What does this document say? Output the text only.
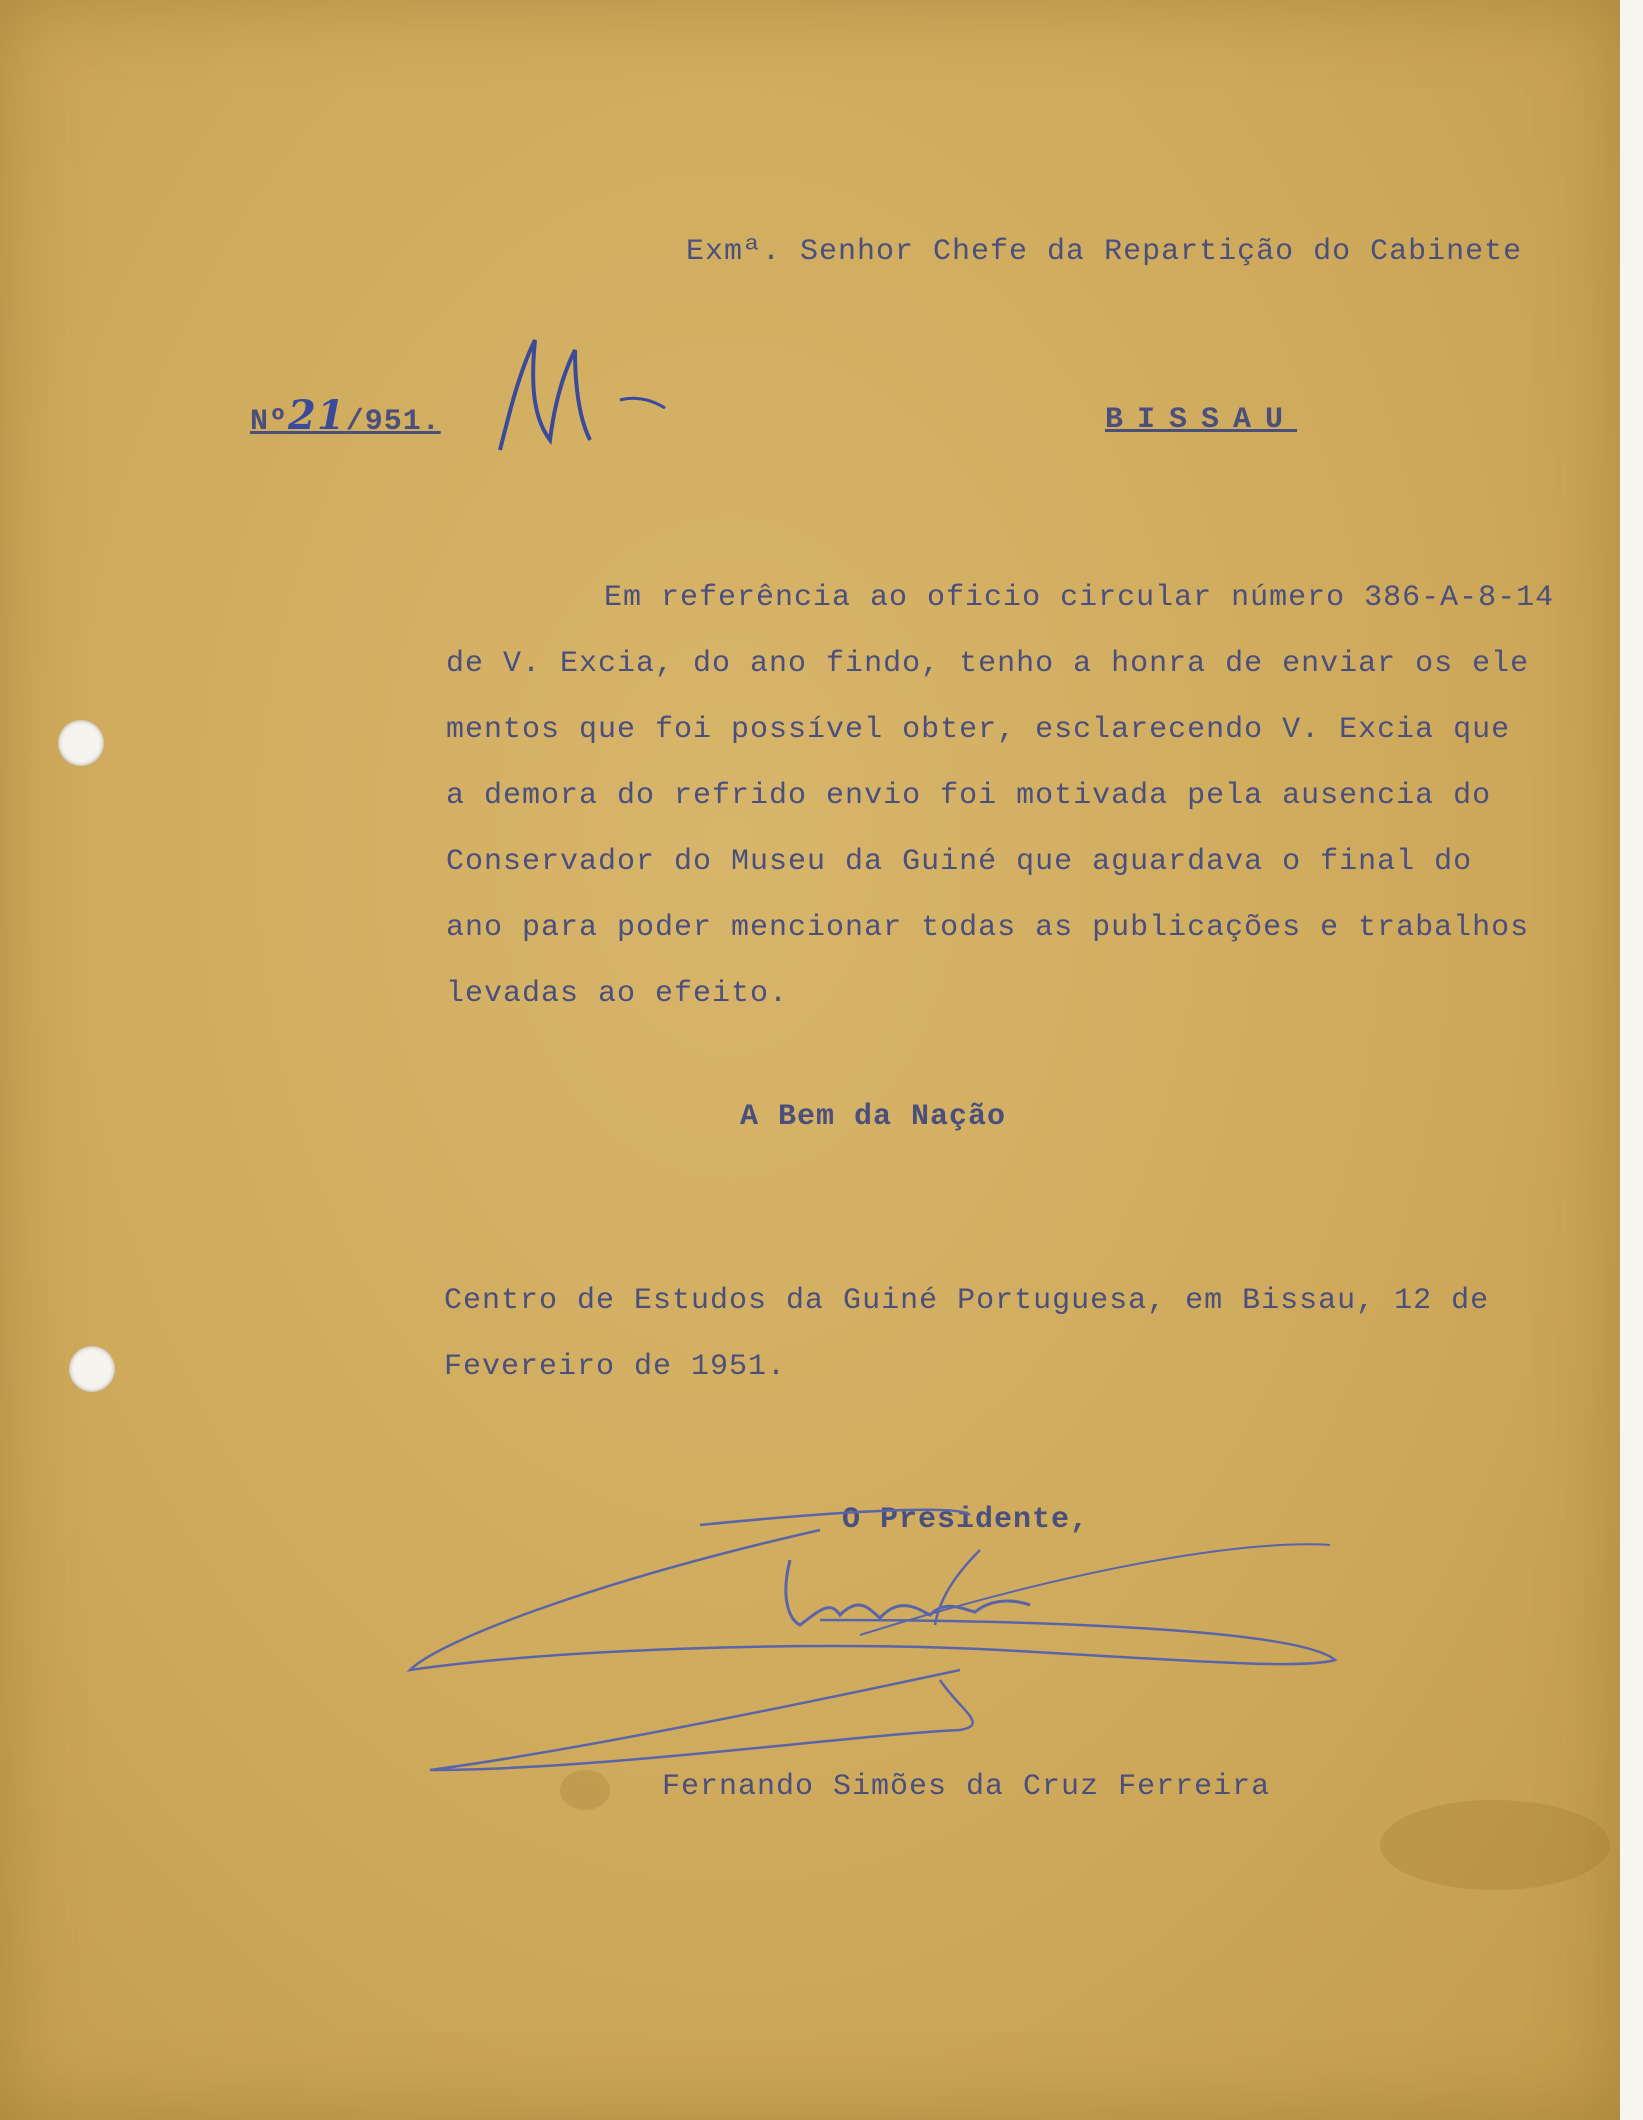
Exmª. Senhor Chefe da Repartição do Cabinete

Nº21/951.	BISSAU

Em referência ao oficio circular número 386-A-8-14
de V. Excia, do ano findo, tenho a honra de enviar os ele
mentos que foi possível obter, esclarecendo V. Excia que
a demora do refrido envio foi motivada pela ausencia do
Conservador do Museu da Guiné que aguardava o final do
ano para poder mencionar todas as publicações e trabalhos
levadas ao efeito.

A Bem da Nação

Centro de Estudos da Guiné Portuguesa, em Bissau, 12 de
Fevereiro de 1951.

O Presidente,

Fernando Simões da Cruz Ferreira
